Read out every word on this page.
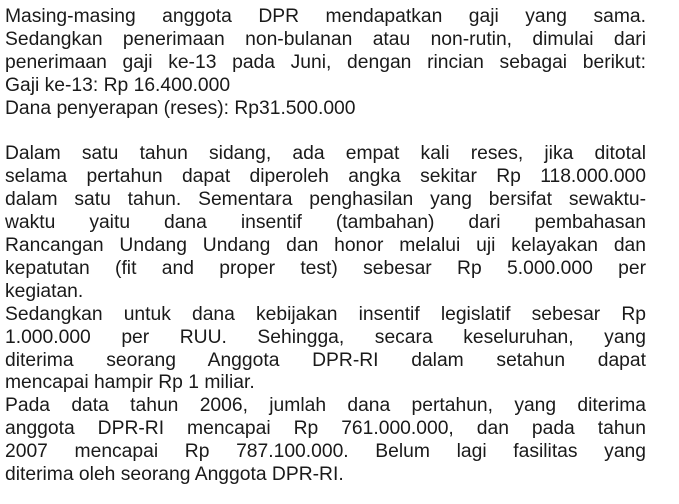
Masing-masing anggota DPR mendapatkan gaji yang sama.
Sedangkan penerimaan non-bulanan atau non-rutin, dimulai dari
penerimaan gaji ke-13 pada Juni, dengan rincian sebagai berikut:
Gaji ke-13: Rp 16.400.000
Dana penyerapan (reses): Rp31.500.000
Dalam satu tahun sidang, ada empat kali reses, jika ditotal
selama pertahun dapat diperoleh angka sekitar Rp 118.000.000
dalam satu tahun. Sementara penghasilan yang bersifat sewaktu-
waktu yaitu dana insentif (tambahan) dari pembahasan
Rancangan Undang Undang dan honor melalui uji kelayakan dan
kepatutan (fit and proper test) sebesar Rp 5.000.000 per
kegiatan.
Sedangkan untuk dana kebijakan insentif legislatif sebesar Rp
1.000.000 per RUU. Sehingga, secara keseluruhan, yang
diterima seorang Anggota DPR-RI dalam setahun dapat
mencapai hampir Rp 1 miliar.
Pada data tahun 2006, jumlah dana pertahun, yang diterima
anggota DPR-RI mencapai Rp 761.000.000, dan pada tahun
2007 mencapai Rp 787.100.000. Belum lagi fasilitas yang
diterima oleh seorang Anggota DPR-RI.
